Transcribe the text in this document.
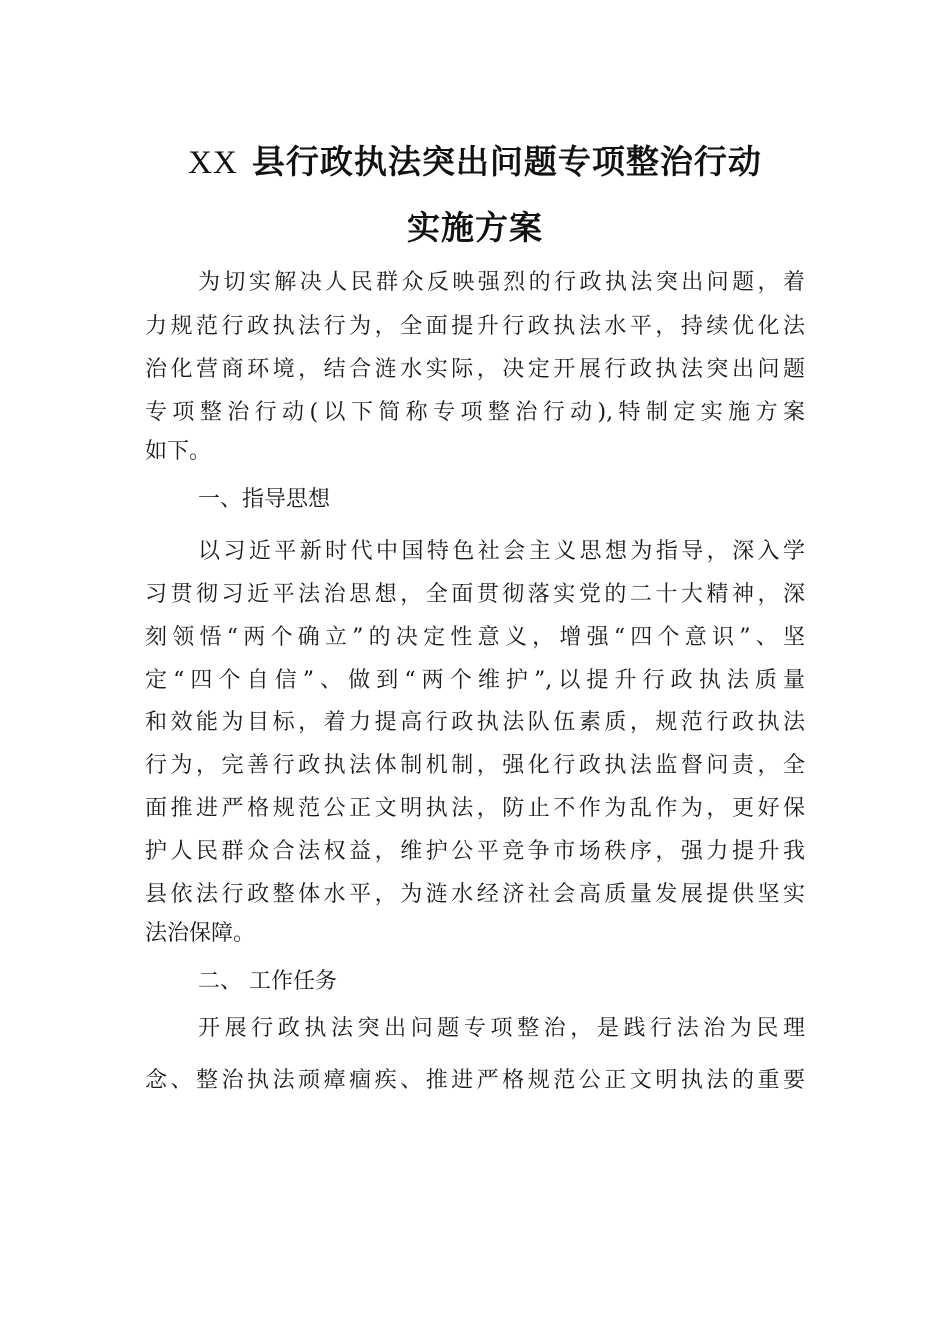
XX 县行政执法突出问题专项整治行动
实施方案
为切实解决人民群众反映强烈的行政执法突出问题，着
力规范行政执法行为，全面提升行政执法水平，持续优化法
治化营商环境，结合涟水实际，决定开展行政执法突出问题
专项整治行动(以下简称专项整治行动),特制定实施方案
如下。
一、指导思想
以习近平新时代中国特色社会主义思想为指导，深入学
习贯彻习近平法治思想，全面贯彻落实党的二十大精神，深
刻领悟“两个确立”的决定性意义，增强“四个意识”、坚
定“四个自信”、做到“两个维护”,以提升行政执法质量
和效能为目标，着力提高行政执法队伍素质，规范行政执法
行为，完善行政执法体制机制，强化行政执法监督问责，全
面推进严格规范公正文明执法，防止不作为乱作为，更好保
护人民群众合法权益，维护公平竞争市场秩序，强力提升我
县依法行政整体水平，为涟水经济社会高质量发展提供坚实
法治保障。
二、 工作任务
开展行政执法突出问题专项整治，是践行法治为民理
念、整治执法顽瘴痼疾、推进严格规范公正文明执法的重要
